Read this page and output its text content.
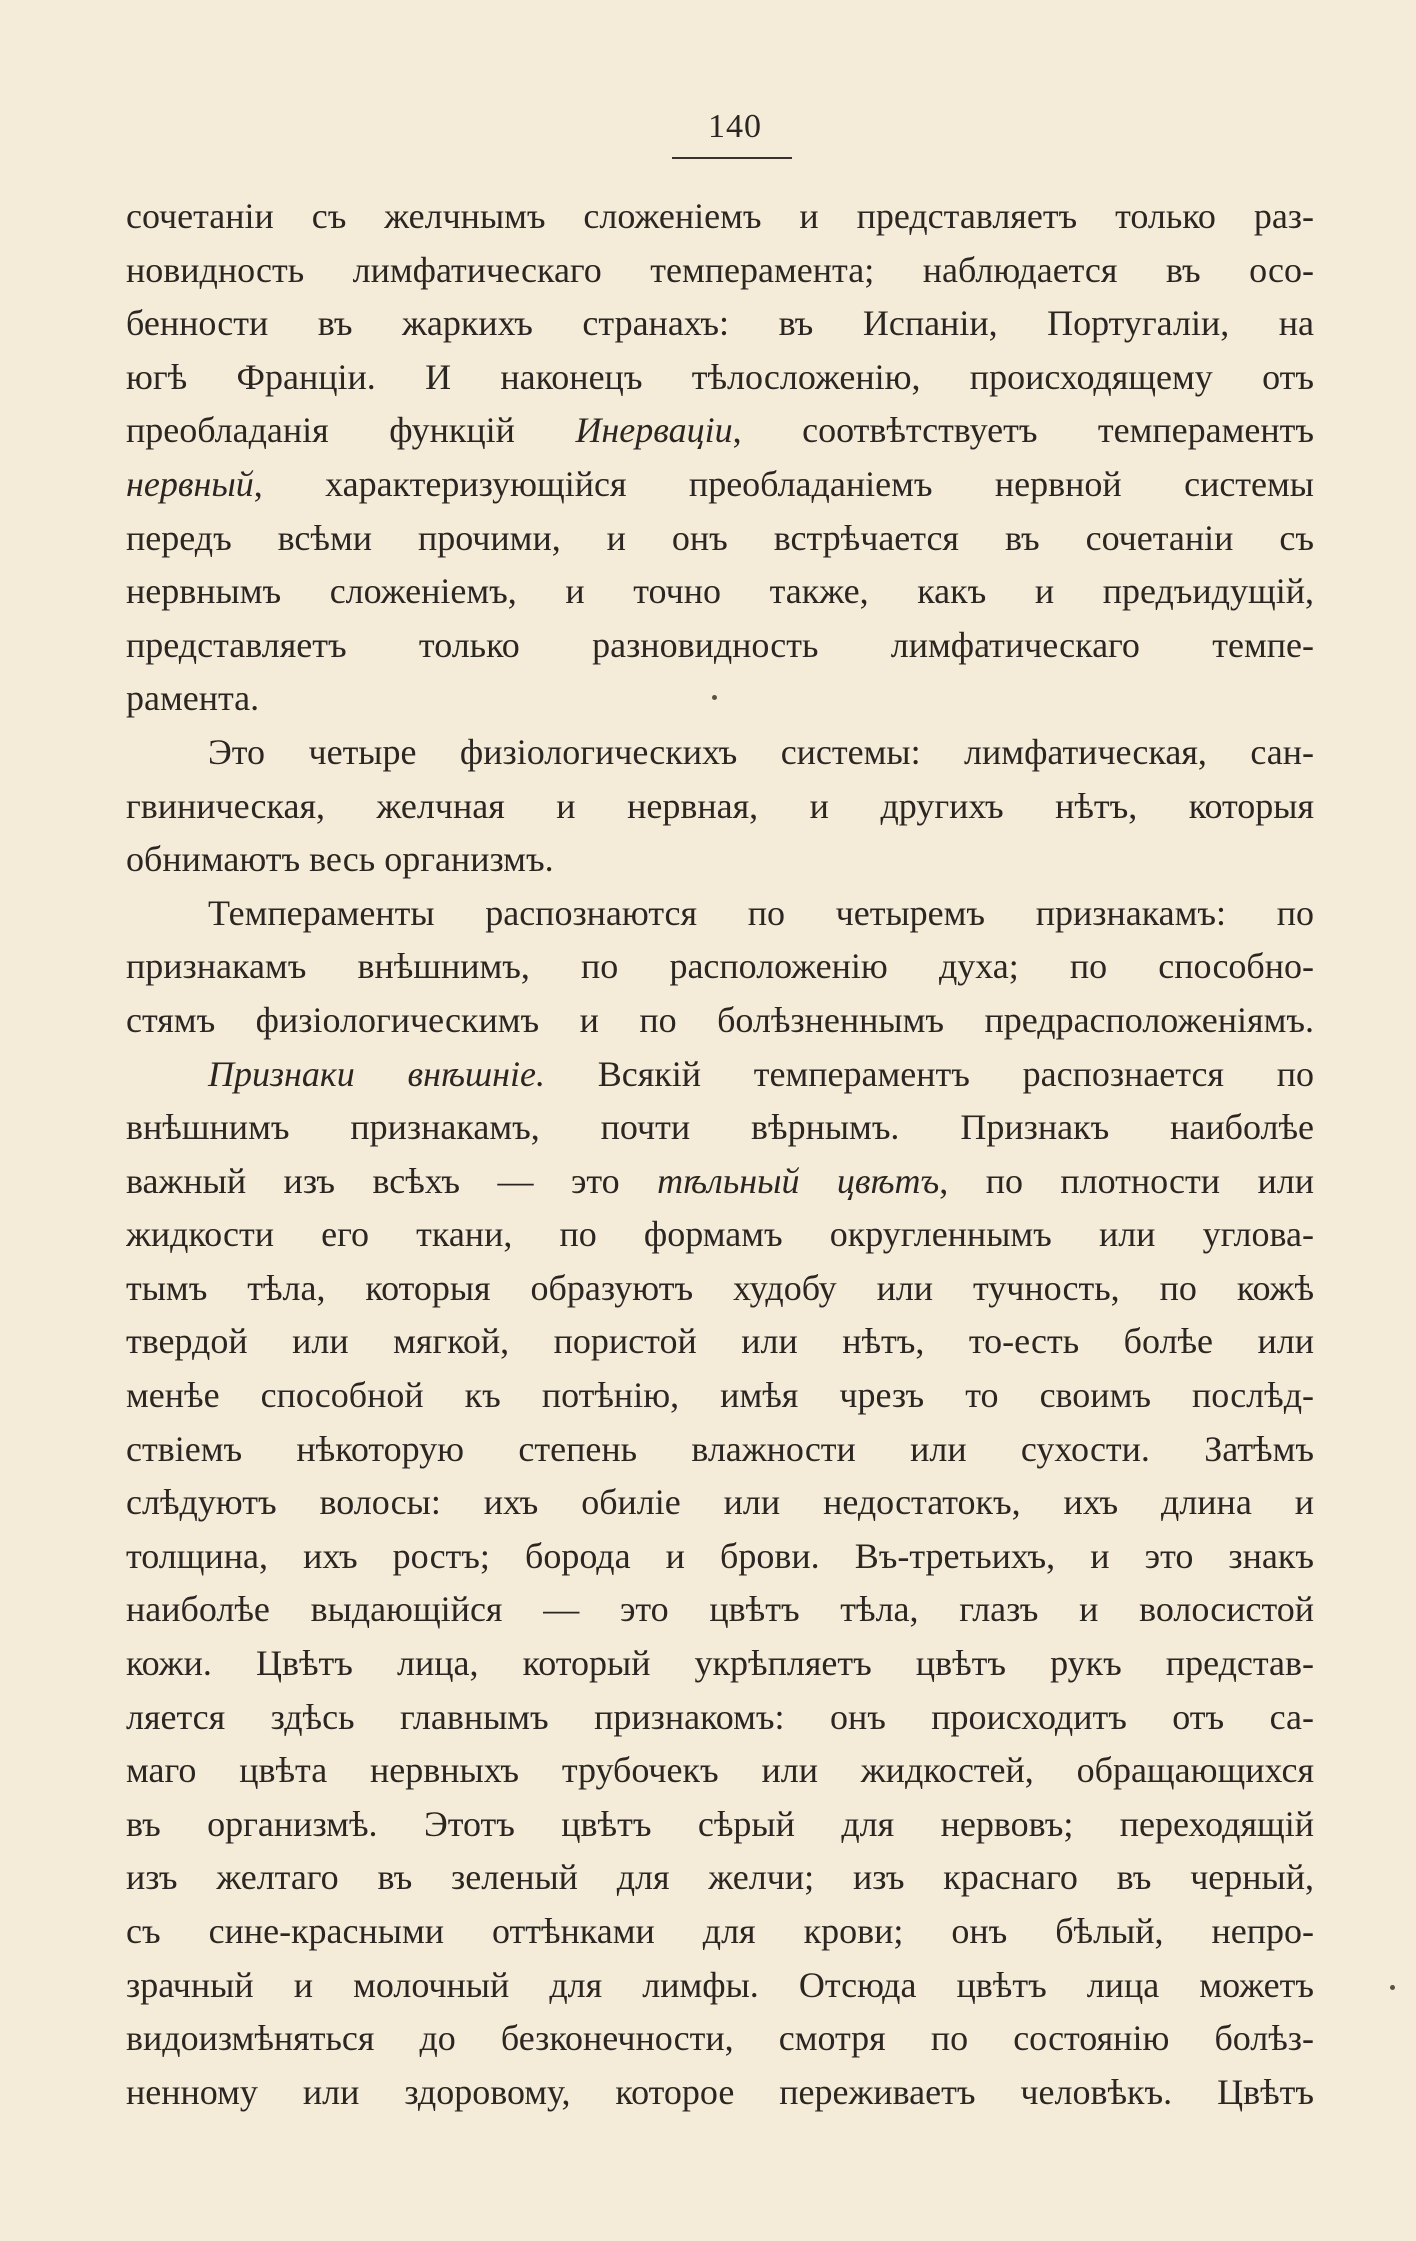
140
сочетаніи съ желчнымъ сложеніемъ и представляетъ только раз-
новидность лимфатическаго темперамента; наблюдается въ осо-
бенности въ жаркихъ странахъ: въ Испаніи, Португаліи, на
югѣ Франціи. И наконецъ тѣлосложенію, происходящему отъ
преобладанія функцій Инерваціи, соотвѣтствуетъ темпераментъ
нервный, характеризующійся преобладаніемъ нервной системы
передъ всѣми прочими, и онъ встрѣчается въ сочетаніи съ
нервнымъ сложеніемъ, и точно также, какъ и предъидущій,
представляетъ только разновидность лимфатическаго темпе-
рамента.
Это четыре физіологическихъ системы: лимфатическая, сан-
гвиническая, желчная и нервная, и другихъ нѣтъ, которыя
обнимаютъ весь организмъ.
Темпераменты распознаются по четыремъ признакамъ: по
признакамъ внѣшнимъ, по расположенію духа; по способно-
стямъ физіологическимъ и по болѣзненнымъ предрасположеніямъ.
Признаки внѣшніе. Всякій темпераментъ распознается по
внѣшнимъ признакамъ, почти вѣрнымъ. Признакъ наиболѣе
важный изъ всѣхъ — это тѣльный цвѣтъ, по плотности или
жидкости его ткани, по формамъ округленнымъ или углова-
тымъ тѣла, которыя образуютъ худобу или тучность, по кожѣ
твердой или мягкой, пористой или нѣтъ, то-есть болѣе или
менѣе способной къ потѣнію, имѣя чрезъ то своимъ послѣд-
ствіемъ нѣкоторую степень влажности или сухости. Затѣмъ
слѣдуютъ волосы: ихъ обиліе или недостатокъ, ихъ длина и
толщина, ихъ ростъ; борода и брови. Въ-третьихъ, и это знакъ
наиболѣе выдающійся — это цвѣтъ тѣла, глазъ и волосистой
кожи. Цвѣтъ лица, который укрѣпляетъ цвѣтъ рукъ представ-
ляется здѣсь главнымъ признакомъ: онъ происходитъ отъ са-
маго цвѣта нервныхъ трубочекъ или жидкостей, обращающихся
въ организмѣ. Этотъ цвѣтъ сѣрый для нервовъ; переходящій
изъ желтаго въ зеленый для желчи; изъ краснаго въ черный,
съ сине-красными оттѣнками для крови; онъ бѣлый, непро-
зрачный и молочный для лимфы. Отсюда цвѣтъ лица можетъ
видоизмѣняться до безконечности, смотря по состоянію болѣз-
ненному или здоровому, которое переживаетъ человѣкъ. Цвѣтъ
